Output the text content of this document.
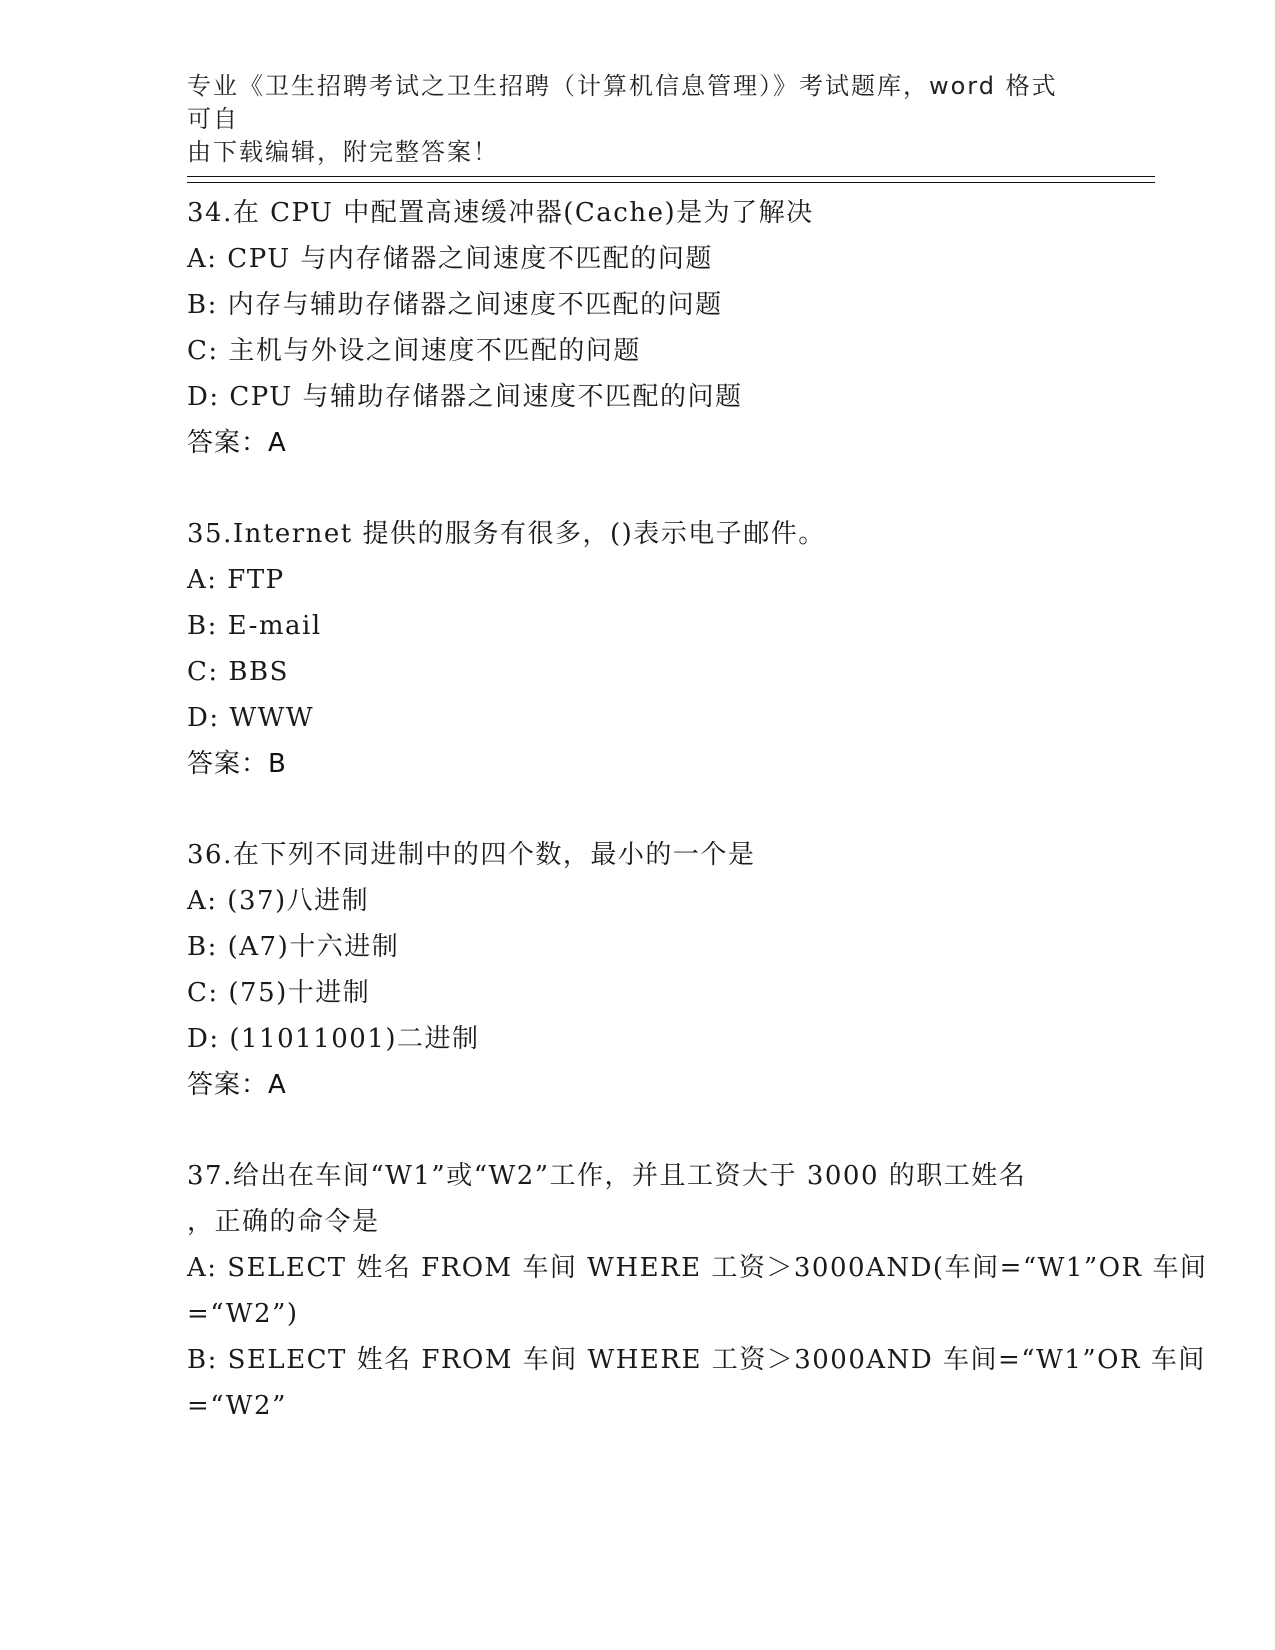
专业《卫生招聘考试之卫生招聘（计算机信息管理）》考试题库，word 格式可自
由下载编辑，附完整答案！
34.在 CPU 中配置高速缓冲器(Cache)是为了解决
A: CPU 与内存储器之间速度不匹配的问题
B: 内存与辅助存储器之间速度不匹配的问题
C: 主机与外设之间速度不匹配的问题
D: CPU 与辅助存储器之间速度不匹配的问题
答案：A
35.Internet 提供的服务有很多，()表示电子邮件。
A: FTP
B: E-mail
C: BBS
D: WWW
答案：B
36.在下列不同进制中的四个数，最小的一个是
A: (37)八进制
B: (A7)十六进制
C: (75)十进制
D: (11011001)二进制
答案：A
37.给出在车间“W1”或“W2”工作，并且工资大于 3000 的职工姓名
，正确的命令是
A: SELECT 姓名 FROM 车间 WHERE 工资＞3000AND(车间=“W1”OR 车间
=“W2”)
B: SELECT 姓名 FROM 车间 WHERE 工资＞3000AND 车间=“W1”OR 车间
=“W2”
